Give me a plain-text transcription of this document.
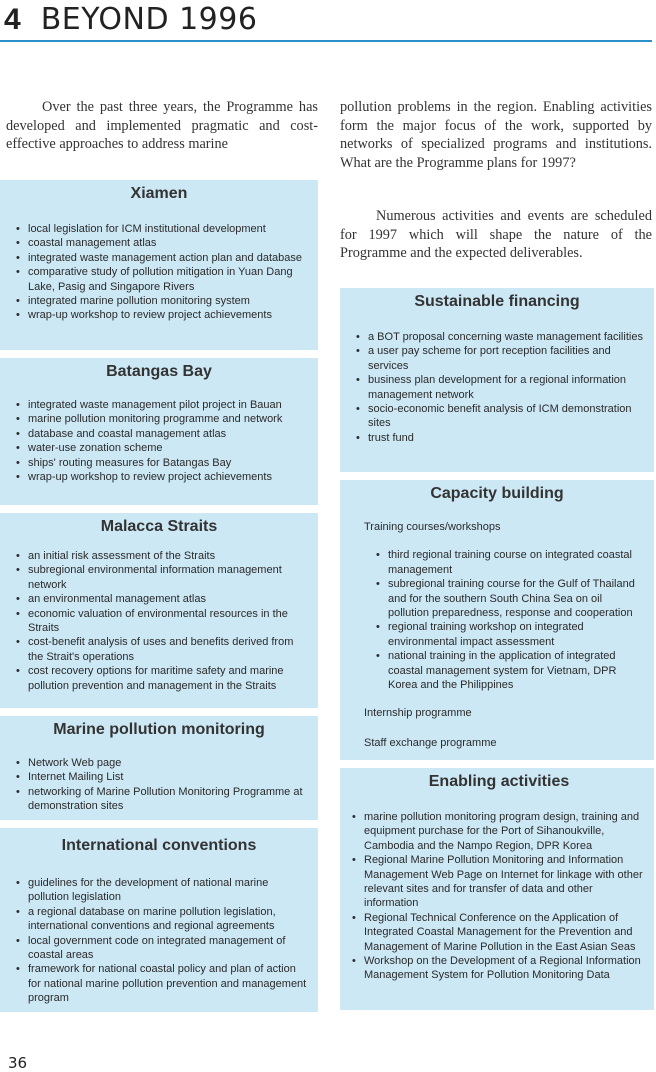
4 BEYOND 1996
Over the past three years, the Programme has developed and implemented pragmatic and cost-effective approaches to address marine
pollution problems in the region. Enabling activities form the major focus of the work, supported by networks of specialized programs and institutions. What are the Programme plans for 1997?
Numerous activities and events are scheduled for 1997 which will shape the nature of the Programme and the expected deliverables.
Xiamen
• local legislation for ICM institutional development
• coastal management atlas
• integrated waste management action plan and database
• comparative study of pollution mitigation in Yuan Dang Lake, Pasig and Singapore Rivers
• integrated marine pollution monitoring system
• wrap-up workshop to review project achievements
Batangas Bay
• integrated waste management pilot project in Bauan
• marine pollution monitoring programme and network
• database and coastal management atlas
• water-use zonation scheme
• ships' routing measures for Batangas Bay
• wrap-up workshop to review project achievements
Malacca Straits
• an initial risk assessment of the Straits
• subregional environmental information management network
• an environmental management atlas
• economic valuation of environmental resources in the Straits
• cost-benefit analysis of uses and benefits derived from the Strait's operations
• cost recovery options for maritime safety and marine pollution prevention and management in the Straits
Marine pollution monitoring
• Network Web page
• Internet Mailing List
• networking of Marine Pollution Monitoring Programme at demonstration sites
International conventions
• guidelines for the development of national marine pollution legislation
• a regional database on marine pollution legislation, international conventions and regional agreements
• local government code on integrated management of coastal areas
• framework for national coastal policy and plan of action for national marine pollution prevention and management program
Sustainable financing
• a BOT proposal concerning waste management facilities
• a user pay scheme for port reception facilities and services
• business plan development for a regional information management network
• socio-economic benefit analysis of ICM demonstration sites
• trust fund
Capacity building

Training courses/workshops

• third regional training course on integrated coastal management
• subregional training course for the Gulf of Thailand and for the southern South China Sea on oil pollution preparedness, response and cooperation
• regional training workshop on integrated environmental impact assessment
• national training in the application of integrated coastal management system for Vietnam, DPR Korea and the Philippines

Internship programme

Staff exchange programme

Enabling activities
• marine pollution monitoring program design, training and equipment purchase for the Port of Sihanoukville, Cambodia and the Nampo Region, DPR Korea
• Regional Marine Pollution Monitoring and Information Management Web Page on Internet for linkage with other relevant sites and for transfer of data and other information
• Regional Technical Conference on the Application of Integrated Coastal Management for the Prevention and Management of Marine Pollution in the East Asian Seas
• Workshop on the Development of a Regional Information Management System for Pollution Monitoring Data
36
